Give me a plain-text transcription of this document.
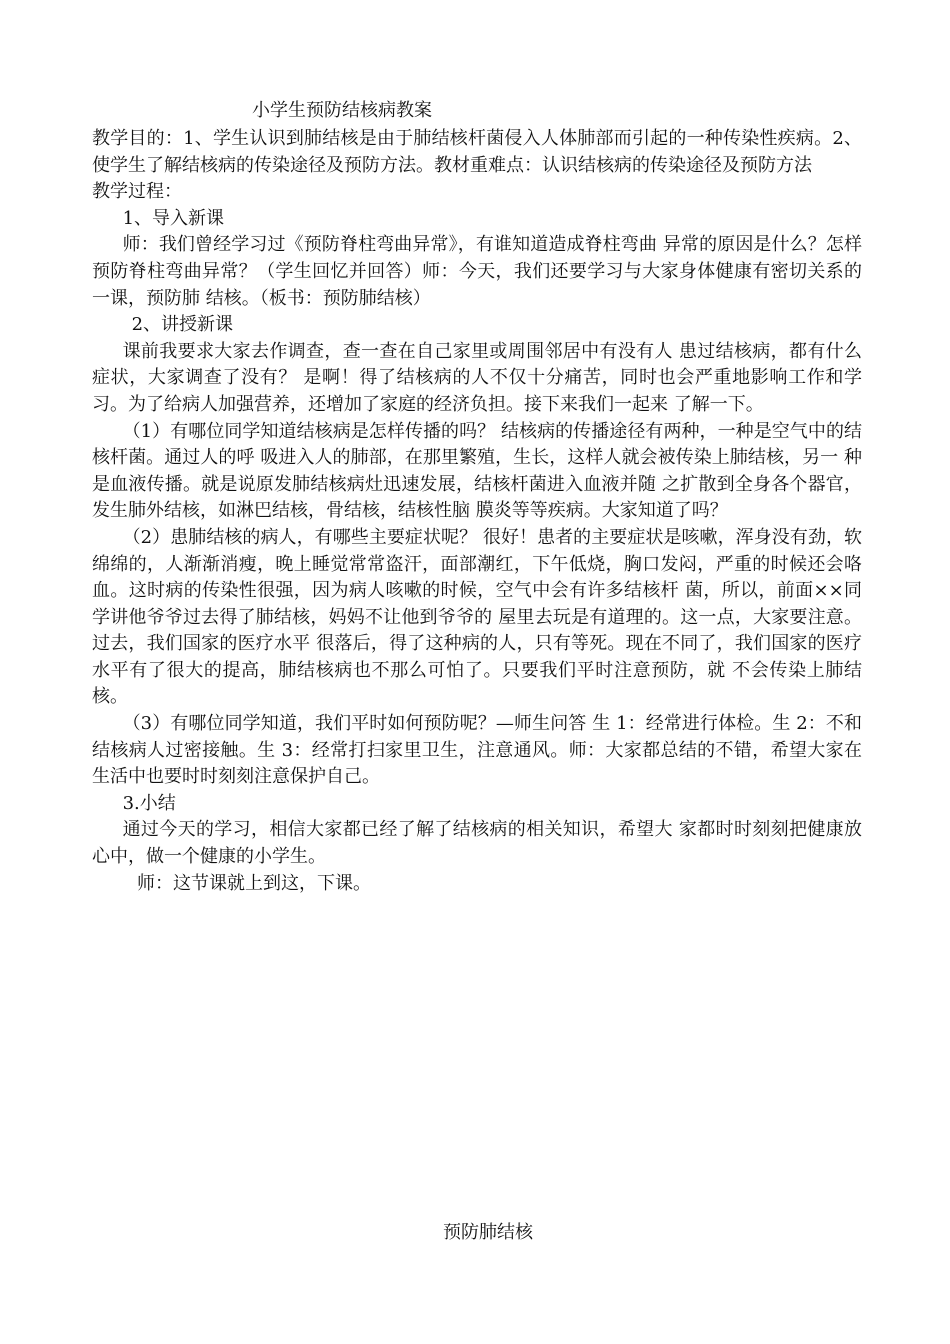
小学生预防结核病教案

教学目的：1、学生认识到肺结核是由于肺结核杆菌侵入人体肺部而引起的一种传染性疾病。2、使学生了解结核病的传染途径及预防方法。教材重难点：认识结核病的传染途径及预防方法

教学过程：

1、导入新课

师：我们曾经学习过《预防脊柱弯曲异常》，有谁知道造成脊柱弯曲 异常的原因是什么？怎样预防脊柱弯曲异常？（学生回忆并回答）师：今天，我们还要学习与大家身体健康有密切关系的一课，预防肺 结核。（板书：预防肺结核）

2、讲授新课

课前我要求大家去作调查，查一查在自己家里或周围邻居中有没有人 患过结核病，都有什么症状，大家调查了没有？ 是啊！得了结核病的人不仅十分痛苦，同时也会严重地影响工作和学 习。为了给病人加强营养，还增加了家庭的经济负担。接下来我们一起来 了解一下。

（1）有哪位同学知道结核病是怎样传播的吗？ 结核病的传播途径有两种，一种是空气中的结核杆菌。通过人的呼 吸进入人的肺部，在那里繁殖，生长，这样人就会被传染上肺结核，另一 种是血液传播。就是说原发肺结核病灶迅速发展，结核杆菌进入血液并随 之扩散到全身各个器官，发生肺外结核，如淋巴结核，骨结核，结核性脑 膜炎等等疾病。大家知道了吗？

（2）患肺结核的病人，有哪些主要症状呢？ 很好！患者的主要症状是咳嗽，浑身没有劲，软绵绵的，人渐渐消瘦，晚上睡觉常常盗汗，面部潮红，下午低烧，胸口发闷，严重的时候还会咯 血。这时病的传染性很强，因为病人咳嗽的时候，空气中会有许多结核杆 菌，所以，前面××同学讲他爷爷过去得了肺结核，妈妈不让他到爷爷的 屋里去玩是有道理的。这一点，大家要注意。过去，我们国家的医疗水平 很落后，得了这种病的人，只有等死。现在不同了，我们国家的医疗水平有了很大的提高，肺结核病也不那么可怕了。只要我们平时注意预防，就 不会传染上肺结核。

（3）有哪位同学知道，我们平时如何预防呢？—师生问答 生 1：经常进行体检。生 2：不和结核病人过密接触。生 3：经常打扫家里卫生，注意通风。师：大家都总结的不错，希望大家在生活中也要时时刻刻注意保护自己。

3.小结

通过今天的学习，相信大家都已经了解了结核病的相关知识，希望大 家都时时刻刻把健康放心中，做一个健康的小学生。

师：这节课就上到这，下课。

预防肺结核
